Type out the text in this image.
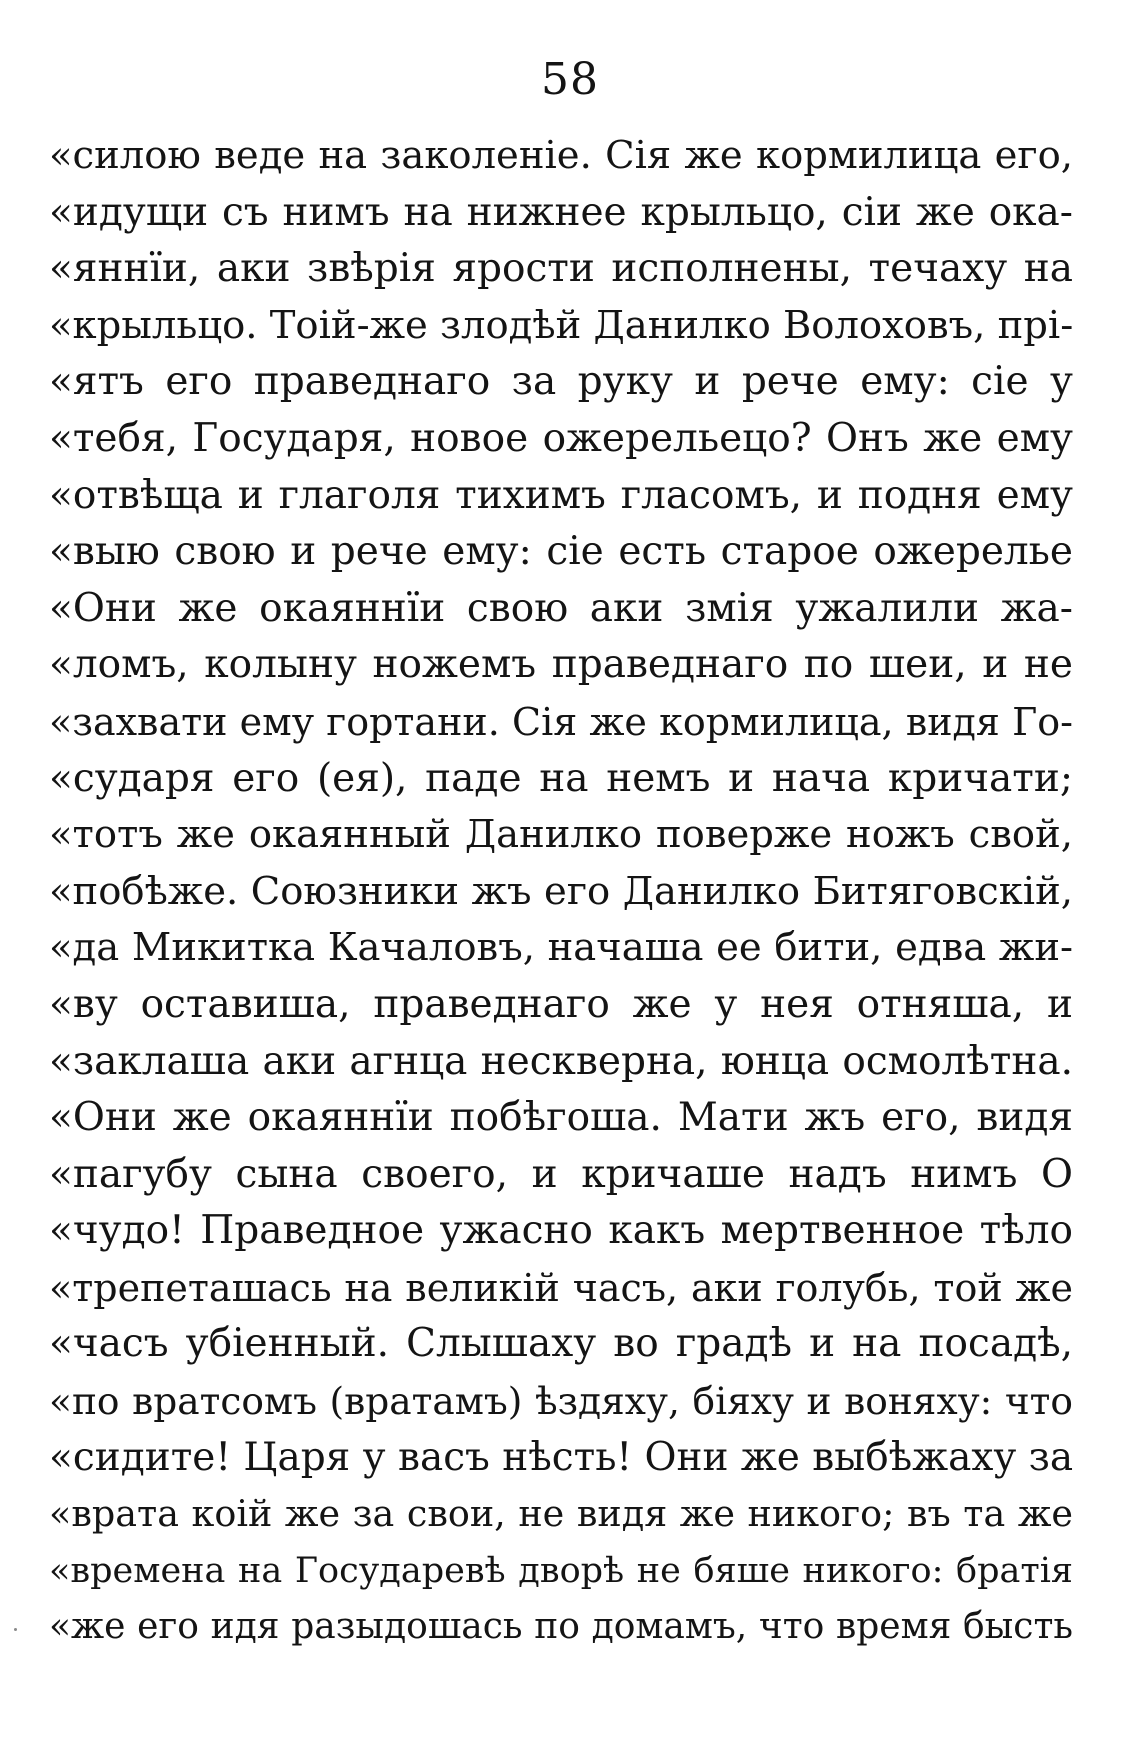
58
«силою веде на заколеніе. Сія же кормилица его,
«идущи съ нимъ на нижнее крыльцо, сіи же ока-
«яннїи, аки звѣрія ярости исполнены, течаху на
«крыльцо. Тоій-же злодѣй Данилко Волоховъ, прі-
«ятъ его праведнаго за руку и рече ему: сіе у
«тебя, Государя, новое ожерельецо? Онъ же ему
«отвѣща и глаголя тихимъ гласомъ, и подня ему
«выю свою и рече ему: сіе есть старое ожерелье
«Они же окаяннїи свою аки змія ужалили жа-
«ломъ, колыну ножемъ праведнаго по шеи, и не
«захвати ему гортани. Сія же кормилица, видя Го-
«сударя его (ея), паде на немъ и нача кричати;
«тотъ же окаянный Данилко поверже ножъ свой,
«побѣже. Союзники жъ его Данилко Битяговскій,
«да Микитка Качаловъ, начаша ее бити, едва жи-
«ву оставиша, праведнаго же у нея отняша, и
«заклаша аки агнца нескверна, юнца осмолѣтна.
«Они же окаяннїи побѣгоша. Мати жъ его, видя
«пагубу сына своего, и кричаше надъ нимъ О
«чудо! Праведное ужасно какъ мертвенное тѣло
«трепеташась на великій часъ, аки голубь, той же
«часъ убіенный. Слышаху во градѣ и на посадѣ,
«по вратсомъ (вратамъ) ѣздяху, біяху и воняху: что
«сидите! Царя у васъ нѣсть! Они же выбѣжаху за
«врата коій же за свои, не видя же никого; въ та же
«времена на Государевѣ дворѣ не бяше никого: братія
«же его идя разыдошась по домамъ, что время бысть
